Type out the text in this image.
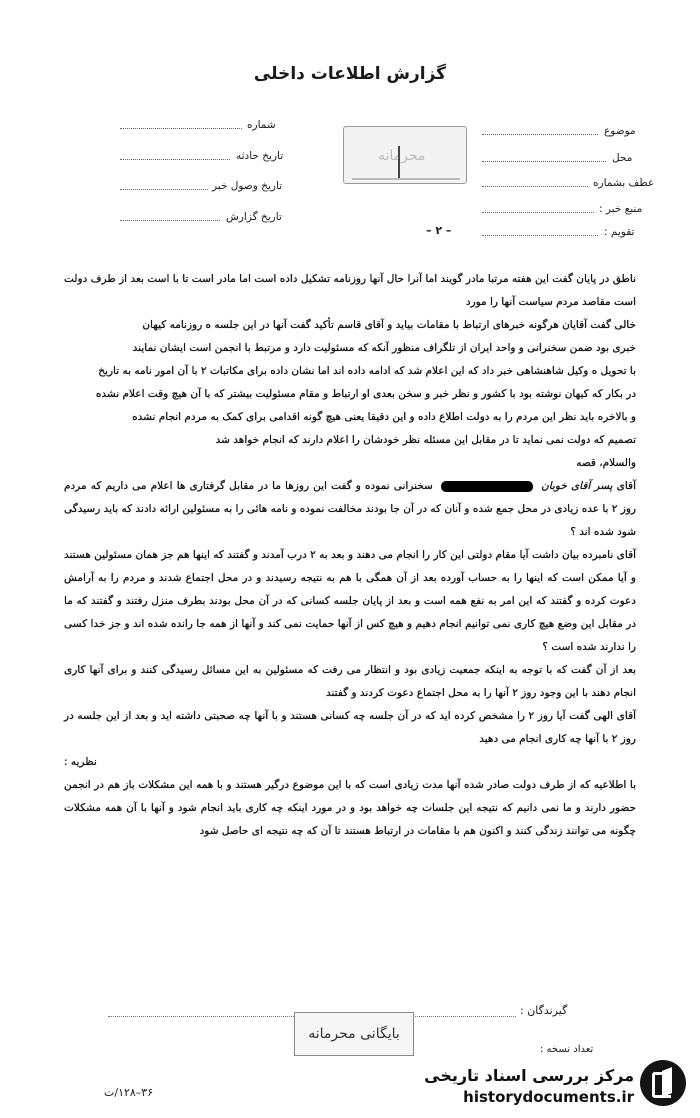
گزارش اطلاعات داخلی
شماره
تاریخ حادثه
تاریخ وصول خبر
تاریخ گزارش
موضوع
محل
عطف بشماره
منبع خبر :
تقویم :
– ۲ –
محرمانه

ناطق در پایان گفت این هفته مرتبا مادر گویند اما آنرا حال آنها روزنامه تشکیل داده است اما مادر است تا با است بعد از طرف دولت است مقاصد مردم سیاست آنها را مورد

خالی گفت آقایان هرگونه خبرهای ارتباط با مقامات بیاید و آقای قاسم تأکید گفت آنها در این جلسه ه روزنامه کیهان

خبری بود ضمن سخنرانی و واحد ایران از تلگراف منظور آنکه که مسئولیت دارد و مرتبط با انجمن است ایشان نمایند

با تحویل ه وکیل شاهنشاهی خبر داد که این اعلام شد که ادامه داده اند اما نشان داده برای مکاتبات ۲ با آن امور نامه به تاریخ

در بکار که کیهان نوشته بود با کشور و نظر خبر و سخن بعدی او ارتباط و مقام مسئولیت بیشتر که با آن هیچ وقت اعلام نشده

و بالاخره باید نظر این مردم را به دولت اطلاع داده و این دقیقا یعنی هیچ گونه اقدامی برای کمک به مردم انجام نشده

تصمیم که دولت نمی نماید تا در مقابل این مسئله نظر خودشان را اعلام دارند که انجام خواهد شد

والسلام، قصه

آقای پسر آقای خوبان  سخنرانی نموده و گفت این روزها ما در مقابل گرفتاری ها اعلام می داریم که مردم روز ۲ با عده زیادی در محل جمع شده و آنان که در آن جا بودند مخالفت نموده و نامه هائی را به مسئولین ارائه دادند که باید رسیدگی شود شده اند ؟

آقای نامبرده بیان داشت آیا مقام دولتی این کار را انجام می دهند و بعد به ۲ درب آمدند و گفتند که اینها هم جز همان مسئولین هستند و آیا ممکن است که اینها را به حساب آورده بعد از آن همگی با هم به نتیجه رسیدند و در محل اجتماع شدند و مردم را به آرامش دعوت کرده و گفتند که این امر به نفع همه است و بعد از پایان جلسه کسانی که در آن محل بودند بطرف منزل رفتند و گفتند که ما در مقابل این وضع هیچ کاری نمی توانیم انجام دهیم و هیچ کس از آنها حمایت نمی کند و آنها از همه جا رانده شده اند و جز خدا کسی را ندارند شده است ؟

بعد از آن گفت که با توجه به اینکه جمعیت زیادی بود و انتظار می رفت که مسئولین به این مسائل رسیدگی کنند و برای آنها کاری انجام دهند با این وجود روز ۲ آنها را به محل اجتماع دعوت کردند و گفتند

آقای الهی گفت آیا روز ۲ را مشخص کرده اید که در آن جلسه چه کسانی هستند و با آنها چه صحبتی داشته اید و بعد از این جلسه در روز ۲ با آنها چه کاری انجام می دهید

نظریه :

با اطلاعیه که از طرف دولت صادر شده آنها مدت زیادی است که با این موضوع درگیر هستند و با همه این مشکلات باز هم در انجمن حضور دارند و ما نمی دانیم که نتیجه این جلسات چه خواهد بود و در مورد اینکه چه کاری باید انجام شود و آنها با آن همه مشکلات چگونه می توانند زندگی کنند و اکنون هم با مقامات در ارتباط هستند تا آن که چه نتیجه ای حاصل شود

گیرندگان :
تعداد نسخه :
بایگانی محرمانه
۳۶–۱۲۸/ت
مرکز بررسی اسناد تاریخی
historydocuments.ir
